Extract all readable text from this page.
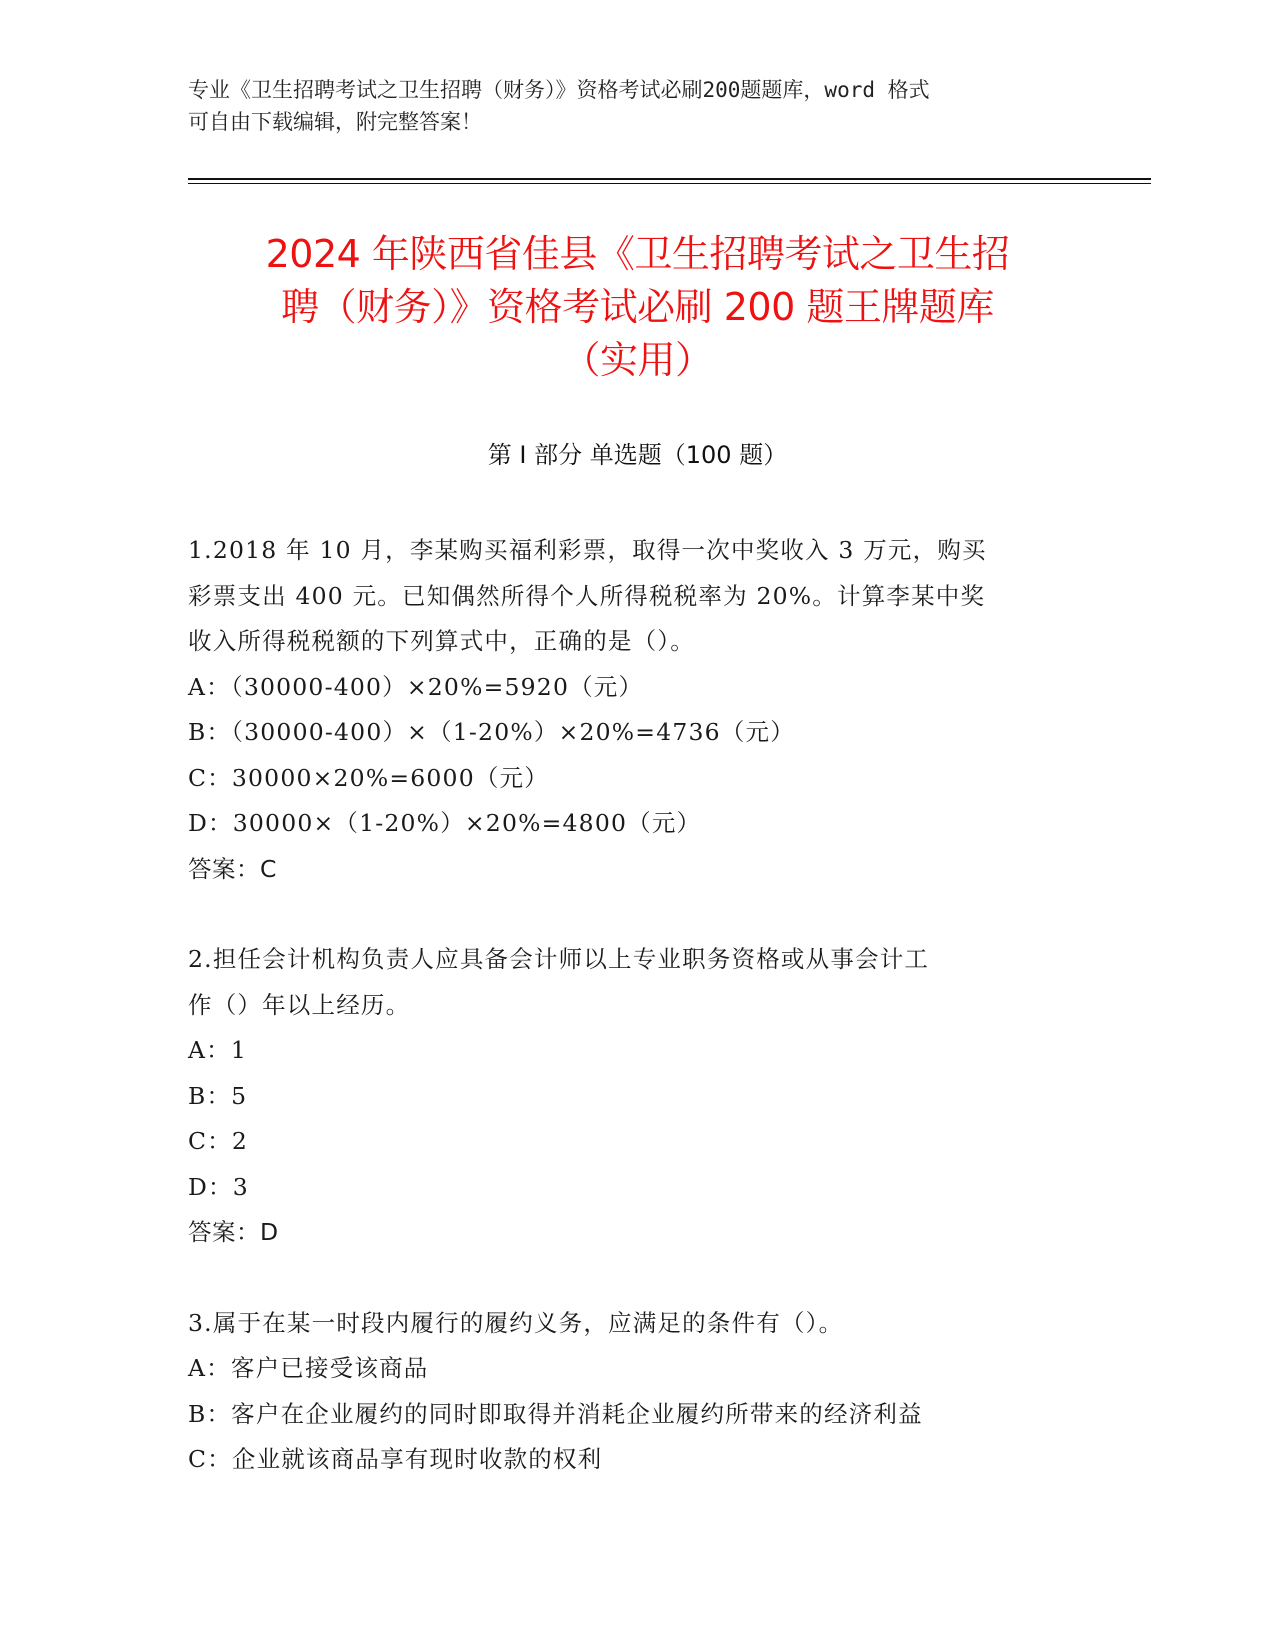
专业《卫生招聘考试之卫生招聘（财务）》资格考试必刷200题题库，word 格式
可自由下载编辑，附完整答案！
2024 年陕西省佳县《卫生招聘考试之卫生招
聘（财务）》资格考试必刷 200 题王牌题库
（实用）
第 I 部分 单选题（100 题）
1.2018 年 10 月，李某购买福利彩票，取得一次中奖收入 3 万元，购买
彩票支出 400 元。已知偶然所得个人所得税税率为 20%。计算李某中奖
收入所得税税额的下列算式中，正确的是（）。
A：（30000-400）×20%=5920（元）
B：（30000-400）×（1-20%）×20%=4736（元）
C：30000×20%=6000（元）
D：30000×（1-20%）×20%=4800（元）
答案：C
2.担任会计机构负责人应具备会计师以上专业职务资格或从事会计工
作（）年以上经历。
A：1
B：5
C：2
D：3
答案：D
3.属于在某一时段内履行的履约义务，应满足的条件有（）。
A：客户已接受该商品
B：客户在企业履约的同时即取得并消耗企业履约所带来的经济利益
C：企业就该商品享有现时收款的权利
